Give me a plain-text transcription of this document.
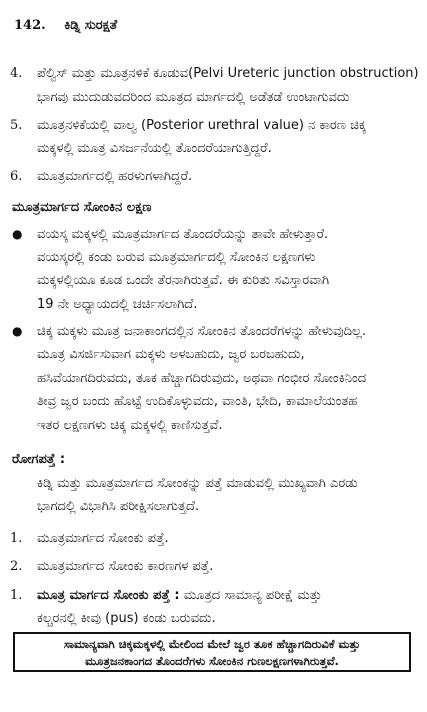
142. ಕಿಡ್ನಿ ಸುರಕ್ಷತೆ
4. ಪೆಲ್ವಿಸ್ ಮತ್ತು ಮೂತ್ರನಳಿಕೆ ಕೂಡುವ(Pelvi Ureteric junction obstruction)
ಭಾಗವು ಮುದುಡುವದರಿಂದ ಮೂತ್ರದ ಮಾರ್ಗದಲ್ಲಿ ಅಡೆತಡೆ ಉಂಟಾಗುವದು
5. ಮೂತ್ರನಳಿಕೆಯಲ್ಲಿ ವಾಲ್ವ (Posterior urethral value) ನ ಕಾರಣ ಚಿಕ್ಕ
ಮಕ್ಕಳಲ್ಲಿ ಮೂತ್ರ ವಿಸರ್ಜನೆಯಲ್ಲಿ ತೊಂದರೆಯಾಗುತ್ತಿದ್ದರೆ.
6. ಮೂತ್ರಮಾರ್ಗದಲ್ಲಿ ಹರಳುಗಳಾಗಿದ್ದರೆ.
ಮೂತ್ರಮಾರ್ಗದ ಸೋಂಕಿನ ಲಕ್ಷಣ
● ವಯಸ್ಕ ಮಕ್ಕಳಲ್ಲಿ ಮೂತ್ರಮಾರ್ಗದ ತೊಂದರೆಯನ್ನು ತಾವೇ ಹೇಳುತ್ತಾರೆ.
ವಯಸ್ಕರಲ್ಲಿ ಕಂಡು ಬರುವ ಮೂತ್ರಮಾರ್ಗದಲ್ಲಿ ಸೋಂಕಿನ ಲಕ್ಷಣಗಳು
ಮಕ್ಕಳಲ್ಲಿಯೂ ಕೂಡ ಒಂದೇ ತೆರನಾಗಿರುತ್ತವೆ. ಈ ಕುರಿತು ಸವಿಸ್ತಾರವಾಗಿ
19 ನೇ ಅಧ್ಯಾಯದಲ್ಲಿ ಚರ್ಚಿಸಲಾಗಿದೆ.
● ಚಿಕ್ಕ ಮಕ್ಕಳು ಮೂತ್ರ ಜನಾಕಾಂಗದಲ್ಲಿನ ಸೋಂಕಿನ ತೊಂದರೆಗಳನ್ನು ಹೇಳುವುದಿಲ್ಲ.
ಮೂತ್ರ ವಿಸರ್ಜಿಸುವಾಗ ಮಕ್ಕಳು ಅಳಬಹುದು, ಜ್ವರ ಬರಬಹುದು,
ಹಸಿವೆಯಾಗದಿರುವದು, ತೂಕ ಹೆಚ್ಚಾಗದಿರುವುದು, ಅಥವಾ ಗಂಭೀರ ಸೋಂಕಿನಿಂದ
ತೀವ್ರ ಜ್ವರ ಬಂದು ಹೊಟ್ಟೆ ಉದಿಕೊಳ್ಳುವದು, ವಾಂತಿ, ಭೇದಿ, ಕಾಮಾಲೆಯಂತಹ
ಇತರ ಲಕ್ಷಣಗಳು ಚಿಕ್ಕ ಮಕ್ಕಳಲ್ಲಿ ಕಾಣಿಸುತ್ತವೆ.
ರೋಗಪತ್ತೆ :
ಕಿಡ್ನಿ ಮತ್ತು ಮೂತ್ರಮಾರ್ಗದ ಸೋಂಕನ್ನು ಪತ್ತೆ ಮಾಡುವಲ್ಲಿ ಮುಖ್ಯವಾಗಿ ಎರಡು
ಭಾಗದಲ್ಲಿ ವಿಭಾಗಿಸಿ ಪರೀಕ್ಷಿಸಲಾಗುತ್ತದೆ.
1. ಮೂತ್ರಮಾರ್ಗದ ಸೋಂಕು ಪತ್ತೆ.
2. ಮೂತ್ರಮಾರ್ಗದ ಸೋಂಕು ಕಾರಣಗಳ ಪತ್ತೆ.
1. ಮೂತ್ರ ಮಾರ್ಗದ ಸೋಂಕು ಪತ್ತೆ : ಮೂತ್ರದ ಸಾಮಾನ್ಯ ಪರೀಕ್ಷೆ ಮತ್ತು
ಕಲ್ಚರನಲ್ಲಿ ಕೀವು (pus) ಕಂಡು ಬರುವದು.
ಸಾಮಾನ್ಯವಾಗಿ ಚಿಕ್ಕಮಕ್ಕಳಲ್ಲಿ ಮೇಲಿಂದ ಮೇಲೆ ಜ್ವರ ತೂಕ ಹೆಚ್ಚಾಗದಿರುವಿಕೆ ಮತ್ತು
ಮೂತ್ರಜನಕಾಂಗದ ತೊಂದರೆಗಳು ಸೋಂಕಿನ ಗುಣಲಕ್ಷಣಗಳಾಗಿರುತ್ತವೆ.
